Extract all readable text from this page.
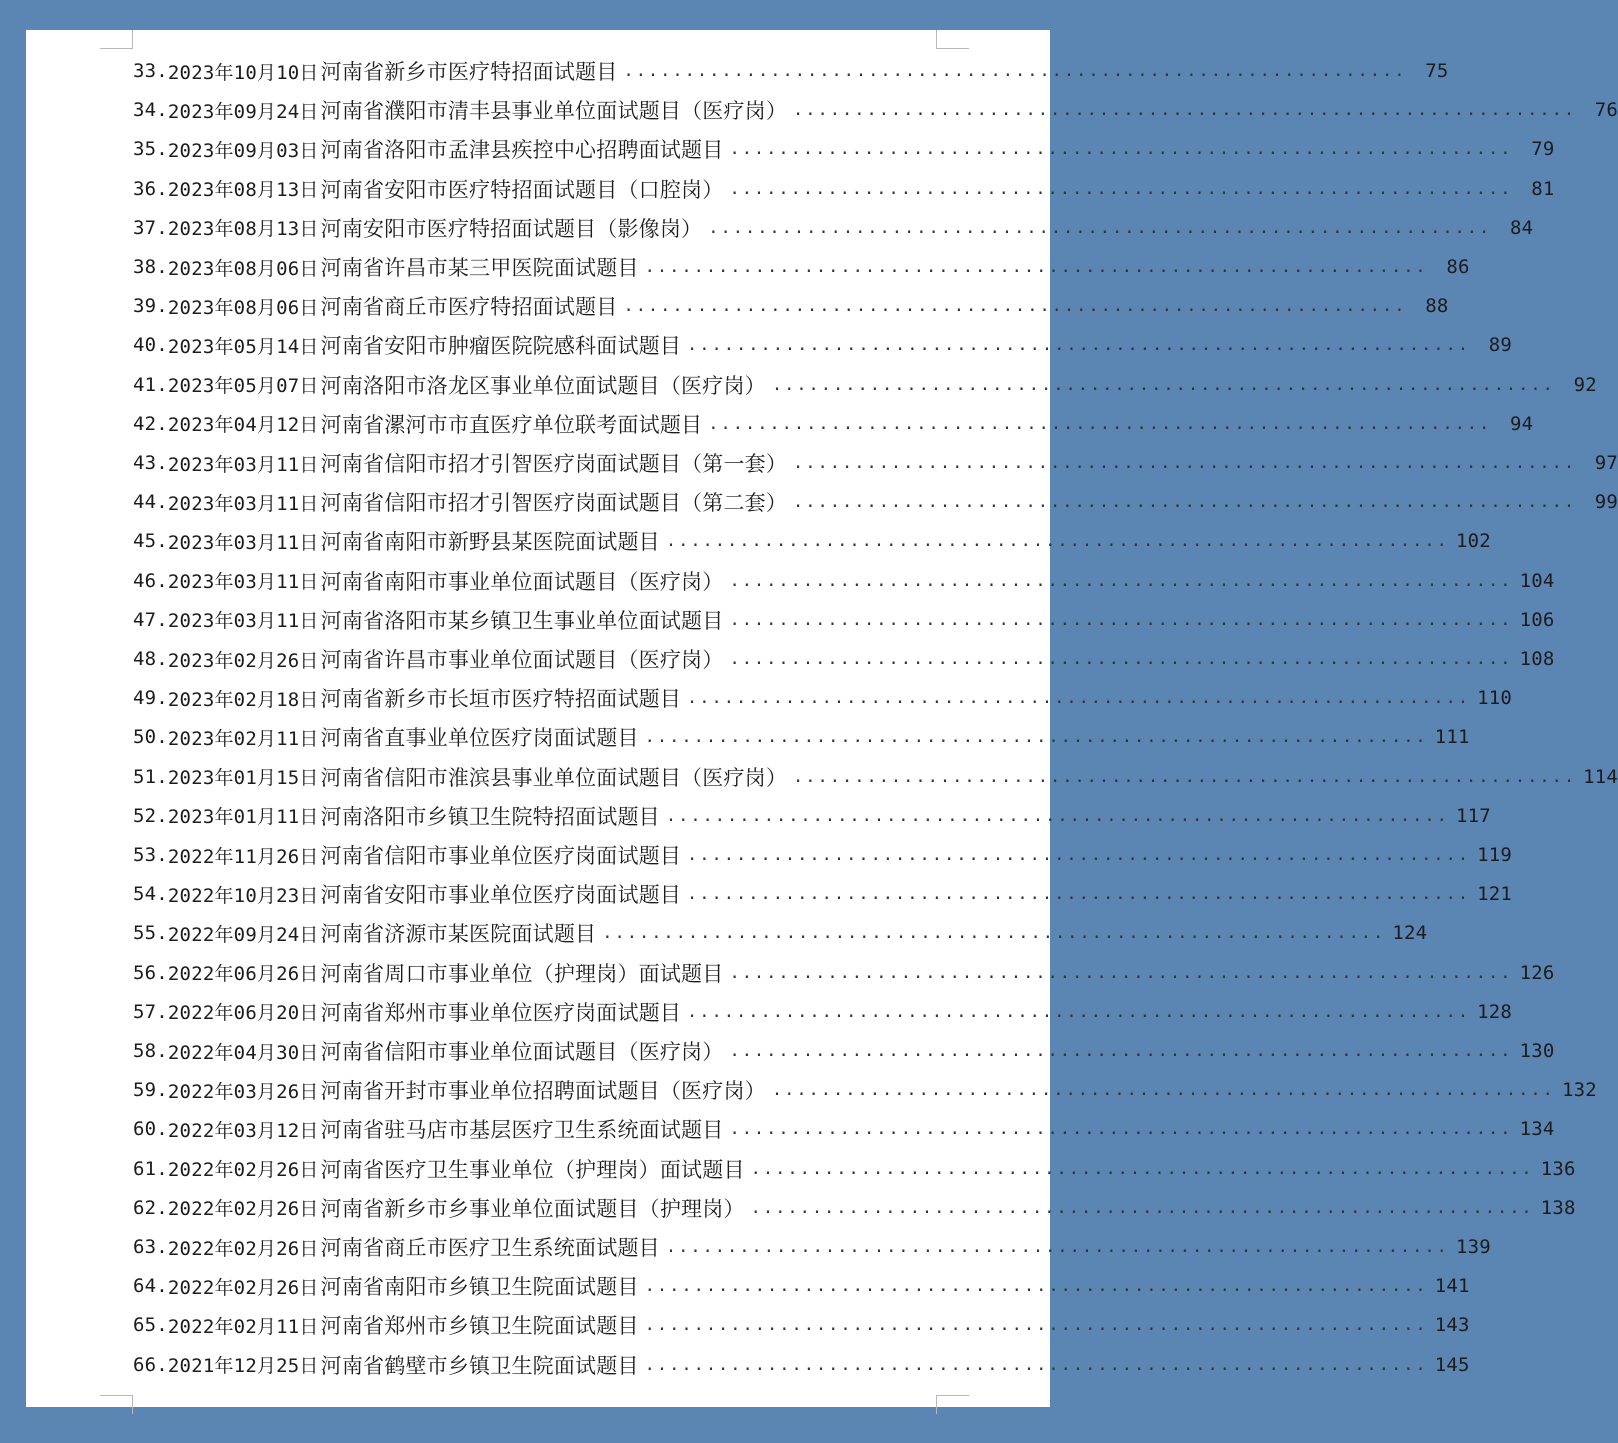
33. 2023年10月10日 河南省新乡市医疗特招面试题目 ................................................................ 75
34. 2023年09月24日 河南省濮阳市清丰县事业单位面试题目（医疗岗） ................................................................ 76
35. 2023年09月03日 河南省洛阳市孟津县疾控中心招聘面试题目 ................................................................ 79
36. 2023年08月13日 河南省安阳市医疗特招面试题目（口腔岗） ................................................................ 81
37. 2023年08月13日 河南安阳市医疗特招面试题目（影像岗） ................................................................ 84
38. 2023年08月06日 河南省许昌市某三甲医院面试题目 ................................................................ 86
39. 2023年08月06日 河南省商丘市医疗特招面试题目 ................................................................ 88
40. 2023年05月14日 河南省安阳市肿瘤医院院感科面试题目 ................................................................ 89
41. 2023年05月07日 河南洛阳市洛龙区事业单位面试题目（医疗岗） ................................................................ 92
42. 2023年04月12日 河南省漯河市市直医疗单位联考面试题目 ................................................................ 94
43. 2023年03月11日 河南省信阳市招才引智医疗岗面试题目（第一套） ................................................................ 97
44. 2023年03月11日 河南省信阳市招才引智医疗岗面试题目（第二套） ................................................................ 99
45. 2023年03月11日 河南省南阳市新野县某医院面试题目 ................................................................ 102
46. 2023年03月11日 河南省南阳市事业单位面试题目（医疗岗） ................................................................ 104
47. 2023年03月11日 河南省洛阳市某乡镇卫生事业单位面试题目 ................................................................ 106
48. 2023年02月26日 河南省许昌市事业单位面试题目（医疗岗） ................................................................ 108
49. 2023年02月18日 河南省新乡市长垣市医疗特招面试题目 ................................................................ 110
50. 2023年02月11日 河南省直事业单位医疗岗面试题目 ................................................................ 111
51. 2023年01月15日 河南省信阳市淮滨县事业单位面试题目（医疗岗） ................................................................ 114
52. 2023年01月11日 河南洛阳市乡镇卫生院特招面试题目 ................................................................ 117
53. 2022年11月26日 河南省信阳市事业单位医疗岗面试题目 ................................................................ 119
54. 2022年10月23日 河南省安阳市事业单位医疗岗面试题目 ................................................................ 121
55. 2022年09月24日 河南省济源市某医院面试题目 ................................................................ 124
56. 2022年06月26日 河南省周口市事业单位（护理岗）面试题目 ................................................................ 126
57. 2022年06月20日 河南省郑州市事业单位医疗岗面试题目 ................................................................ 128
58. 2022年04月30日 河南省信阳市事业单位面试题目（医疗岗） ................................................................ 130
59. 2022年03月26日 河南省开封市事业单位招聘面试题目（医疗岗） ................................................................ 132
60. 2022年03月12日 河南省驻马店市基层医疗卫生系统面试题目 ................................................................ 134
61. 2022年02月26日 河南省医疗卫生事业单位（护理岗）面试题目 ................................................................ 136
62. 2022年02月26日 河南省新乡市乡事业单位面试题目（护理岗） ................................................................ 138
63. 2022年02月26日 河南省商丘市医疗卫生系统面试题目 ................................................................ 139
64. 2022年02月26日 河南省南阳市乡镇卫生院面试题目 ................................................................ 141
65. 2022年02月11日 河南省郑州市乡镇卫生院面试题目 ................................................................ 143
66. 2021年12月25日 河南省鹤壁市乡镇卫生院面试题目 ................................................................ 145
